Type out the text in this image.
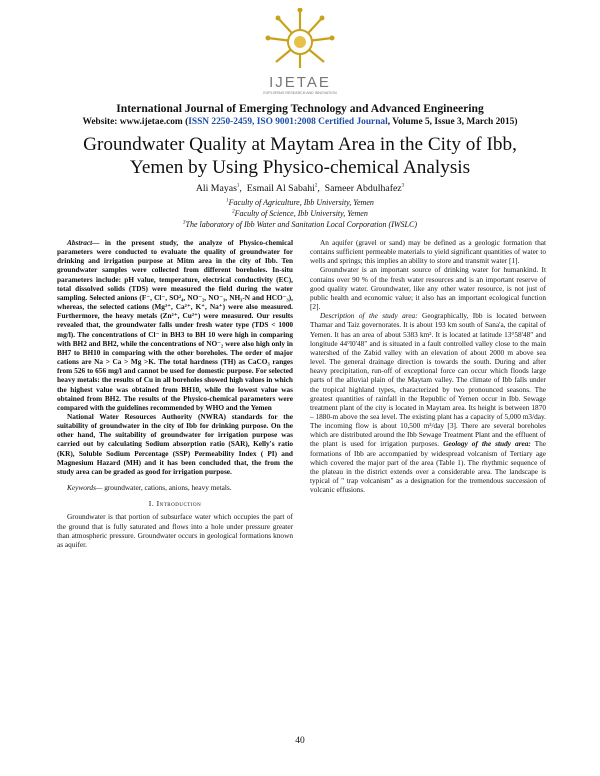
IJETAE
EXPLORING RESEARCH AND INNOVATION
International Journal of Emerging Technology and Advanced Engineering
Website: www.ijetae.com (ISSN 2250-2459, ISO 9001:2008 Certified Journal, Volume 5, Issue 3, March 2015)
Groundwater Quality at Maytam Area in the City of Ibb, Yemen by Using Physico-chemical Analysis
Ali Mayas$^1$,  Esmail Al Sabahi$^2$,  Sameer Abdulhafez$^3$
$^1$Faculty of Agriculture, Ibb University, Yemen
$^2$Faculty of Science, Ibb University, Yemen
$^3$The laboratory of Ibb Water and Sanitation Local Corporation (IWSLC)

Abstract— in the present study, the analyze of Physico-chemical parameters were conducted to evaluate the quality of groundwater for drinking and irrigation purpose at Mitm area in the city of Ibb. Ten groundwater samples were collected from different boreholes. In-situ parameters include: pH value, temperature, electrical conductivity (EC), total dissolved solids (TDS) were measured the field during the water sampling. Selected anions (F⁻, Cl⁻, SO²₄, NO⁻₂, NO⁻₃, NH₃-N and HCO⁻₃), whereas, the selected cations (Mg²⁺, Ca²⁺, K⁺, Na⁺) were also measured. Furthermore, the heavy metals (Zn²⁺, Cu²⁺) were measured. Our results revealed that, the groundwater falls under fresh water type (TDS < 1000 mg/l). The concentrations of Cl⁻ in BH3 to BH 10 were high in comparing with BH2 and BH2, while the concentrations of NO⁻₂ were also high only in BH7 to BH10 in comparing with the other boreholes. The order of major cations are Na > Ca > Mg >K. The total hardness (TH) as CaCO₃ ranges from 526 to 656 mg/l and cannot be used for domestic purpose. For selected heavy metals: the results of Cu in all boreholes showed high values in which the highest value was obtained from BH10, while the lowest value was obtained from BH2. The results of the Physico-chemical parameters were compared with the guidelines recommended by WHO and the Yemen

National Water Resources Authority (NWRA) standards for the suitability of groundwater in the city of Ibb for drinking purpose. On the other hand, The suitability of groundwater for irrigation purpose was carried out by calculating Sodium absorption ratio (SAR), Kelly's ratio (KR), Soluble Sodium Percentage (SSP) Permeability Index ( PI) and Magnesium Hazard (MH) and it has been concluded that, the from the study area can be graded as good for irrigation purpose.

Keywords— groundwater, cations, anions, heavy metals.

I. Introduction

Groundwater is that portion of subsurface water which occupies the part of the ground that is fully saturated and flows into a hole under pressure greater than atmospheric pressure. Groundwater occurs in geological formations known as aquifer.

An aquifer (gravel or sand) may be defined as a geologic formation that contains sufficient permeable materials to yield significant quantities of water to wells and springs; this implies an ability to store and transmit water [1].

Groundwater is an important source of drinking water for humankind. It contains over 90 % of the fresh water resources and is an important reserve of good quality water. Groundwater, like any other water resource, is not just of public health and economic value; it also has an important ecological function [2].

Description of the study area: Geographically, Ibb is located between Thamar and Taiz governorates. It is about 193 km south of Sana'a, the capital of Yemen. It has an area of about 5383 km². It is located at latitude 13°58'48" and longitude 44°l0'48" and is situated in a fault controlled valley close to the main watershed of the Zabid valley with an elevation of about 2000 m above sea level. The general drainage direction is towards the south. During and after heavy precipitation, run-off of exceptional force can occur which floods large parts of the alluvial plain of the Maytam valley. The climate of Ibb falls under the tropical highland types, characterized by two pronounced seasons. The greatest quantities of rainfall in the Republic of Yemen occur in Ibb. Sewage treatment plant of the city is located in Maytam area. Its height is between 1870 – 1880-m above the sea level. The existing plant has a capacity of 5,000 m3/day. The incoming flow is about 10,500 m³/day [3]. There are several boreholes which are distributed around the Ibb Sewage Treatment Plant and the effluent of the plant is used for irrigation purposes. Geology of the study area: The formations of Ibb are accompanied by widespread volcanism of Tertiary age which covered the major part of the area (Table 1). The rhythmic sequence of the plateau in the district extends over a considerable area. The landscape is typical of " trap volcanism" as a designation for the tremendous succession of volcanic effusions.

40
